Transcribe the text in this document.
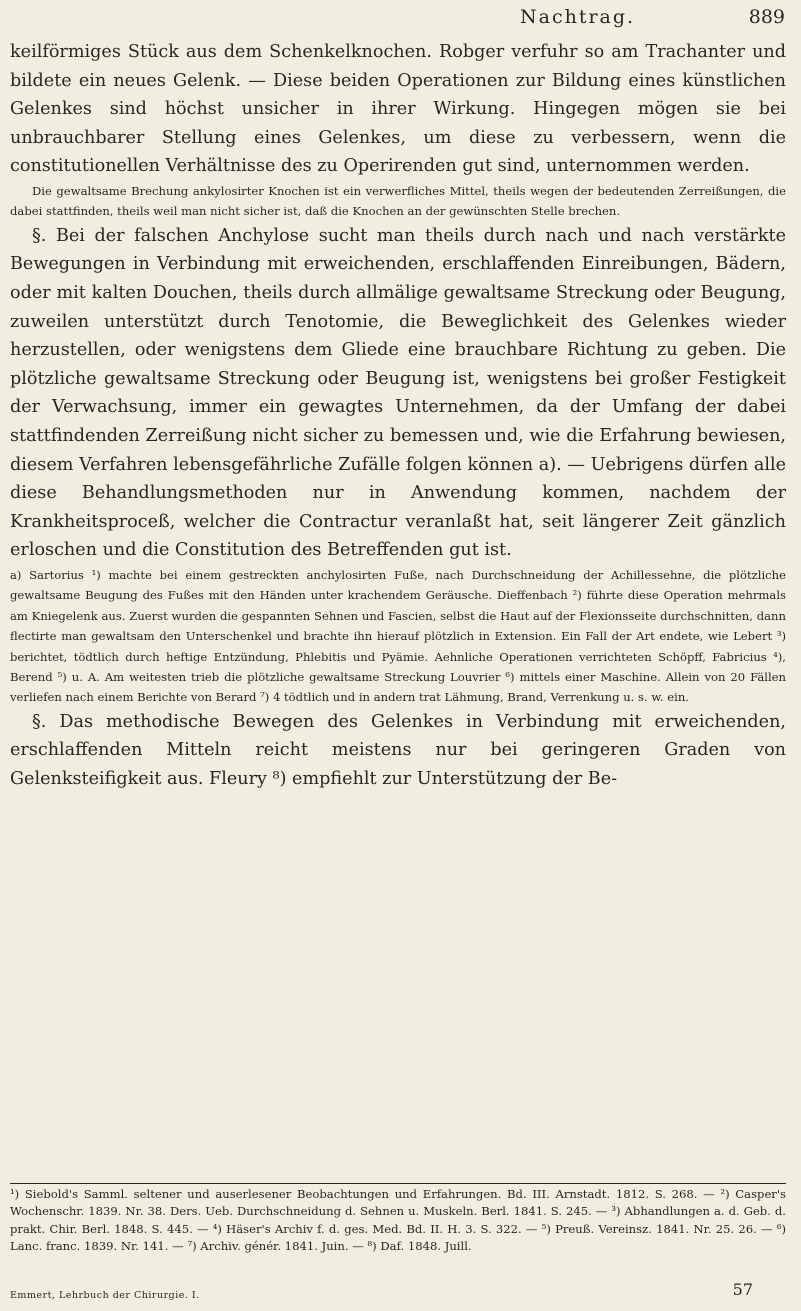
Nachtrag.	889

keilförmiges Stück aus dem Schenkelknochen. Robger verfuhr so am Trachanter und bildete ein neues Gelenk. — Diese beiden Operationen zur Bildung eines künstlichen Gelenkes sind höchst unsicher in ihrer Wirkung. Hingegen mögen sie bei unbrauchbarer Stellung eines Gelenkes, um diese zu verbessern, wenn die constitutionellen Verhältnisse des zu Operirenden gut sind, unternommen werden.

Die gewaltsame Brechung ankylosirter Knochen ist ein verwerfliches Mittel, theils wegen der bedeutenden Zerreißungen, die dabei stattfinden, theils weil man nicht sicher ist, daß die Knochen an der gewünschten Stelle brechen.

§. Bei der falschen Anchylose sucht man theils durch nach und nach verstärkte Bewegungen in Verbindung mit erweichenden, erschlaffenden Einreibungen, Bädern, oder mit kalten Douchen, theils durch allmälige gewaltsame Streckung oder Beugung, zuweilen unterstützt durch Tenotomie, die Beweglichkeit des Gelenkes wieder herzustellen, oder wenigstens dem Gliede eine brauchbare Richtung zu geben. Die plötzliche gewaltsame Streckung oder Beugung ist, wenigstens bei großer Festigkeit der Verwachsung, immer ein gewagtes Unternehmen, da der Umfang der dabei stattfindenden Zerreißung nicht sicher zu bemessen und, wie die Erfahrung bewiesen, diesem Verfahren lebensgefährliche Zufälle folgen können a). — Uebrigens dürfen alle diese Behandlungsmethoden nur in Anwendung kommen, nachdem der Krankheitsproceß, welcher die Contractur veranlaßt hat, seit längerer Zeit gänzlich erloschen und die Constitution des Betreffenden gut ist.

a) Sartorius ¹) machte bei einem gestreckten anchylosirten Fuße, nach Durchschneidung der Achillessehne, die plötzliche gewaltsame Beugung des Fußes mit den Händen unter krachendem Geräusche. Dieffenbach ²) führte diese Operation mehrmals am Kniegelenk aus. Zuerst wurden die gespannten Sehnen und Fascien, selbst die Haut auf der Flexionsseite durchschnitten, dann flectirte man gewaltsam den Unterschenkel und brachte ihn hierauf plötzlich in Extension. Ein Fall der Art endete, wie Lebert ³) berichtet, tödtlich durch heftige Entzündung, Phlebitis und Pyämie. Aehnliche Operationen verrichteten Schöpff, Fabricius ⁴), Berend ⁵) u. A. Am weitesten trieb die plötzliche gewaltsame Streckung Louvrier ⁶) mittels einer Maschine. Allein von 20 Fällen verliefen nach einem Berichte von Berard ⁷) 4 tödtlich und in andern trat Lähmung, Brand, Verrenkung u. s. w. ein.

§. Das methodische Bewegen des Gelenkes in Verbindung mit erweichenden, erschlaffenden Mitteln reicht meistens nur bei geringeren Graden von Gelenksteifigkeit aus. Fleury ⁸) empfiehlt zur Unterstützung der Be-

¹) Siebold's Samml. seltener und auserlesener Beobachtungen und Erfahrungen. Bd. III. Arnstadt. 1812. S. 268. — ²) Casper's Wochenschr. 1839. Nr. 38. Ders. Ueb. Durchschneidung d. Sehnen u. Muskeln. Berl. 1841. S. 245. — ³) Abhandlungen a. d. Geb. d. prakt. Chir. Berl. 1848. S. 445. — ⁴) Häser's Archiv f. d. ges. Med. Bd. II. H. 3. S. 322. — ⁵) Preuß. Vereinsz. 1841. Nr. 25. 26. — ⁶) Lanc. franc. 1839. Nr. 141. — ⁷) Archiv. génér. 1841. Juin. — ⁸) Daf. 1848. Juill.

Emmert, Lehrbuch der Chirurgie. I.	57
